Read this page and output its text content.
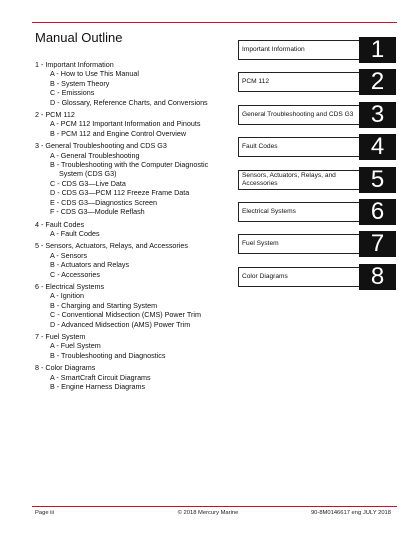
Manual Outline
1 - Important Information
A - How to Use This Manual
B - System Theory
C - Emissions
D - Glossary, Reference Charts, and Conversions
2 - PCM 112
A - PCM 112 Important Information and Pinouts
B - PCM 112 and Engine Control Overview
3 - General Troubleshooting and CDS G3
A - General Troubleshooting
B - Troubleshooting with the Computer Diagnostic
System (CDS G3)
C - CDS G3—Live Data
D - CDS G3—PCM 112 Freeze Frame Data
E - CDS G3—Diagnostics Screen
F - CDS G3—Module Reflash
4 - Fault Codes
A - Fault Codes
5 - Sensors, Actuators, Relays, and Accessories
A - Sensors
B - Actuators and Relays
C - Accessories
6 - Electrical Systems
A - Ignition
B - Charging and Starting System
C - Conventional Midsection (CMS) Power Trim
D - Advanced Midsection (AMS) Power Trim
7 - Fuel System
A - Fuel System
B - Troubleshooting and Diagnostics
8 - Color Diagrams
A - SmartCraft Circuit Diagrams
B - Engine Harness Diagrams
Important Information	1
PCM 112	2
General Troubleshooting and CDS G3 3
Fault Codes	4
Sensors, Actuators, Relays, and Accessories	5
Electrical Systems	6
Fuel System	7
Color Diagrams	8
Page iii	© 2018 Mercury Marine	90-8M0146617 eng JULY 2018
